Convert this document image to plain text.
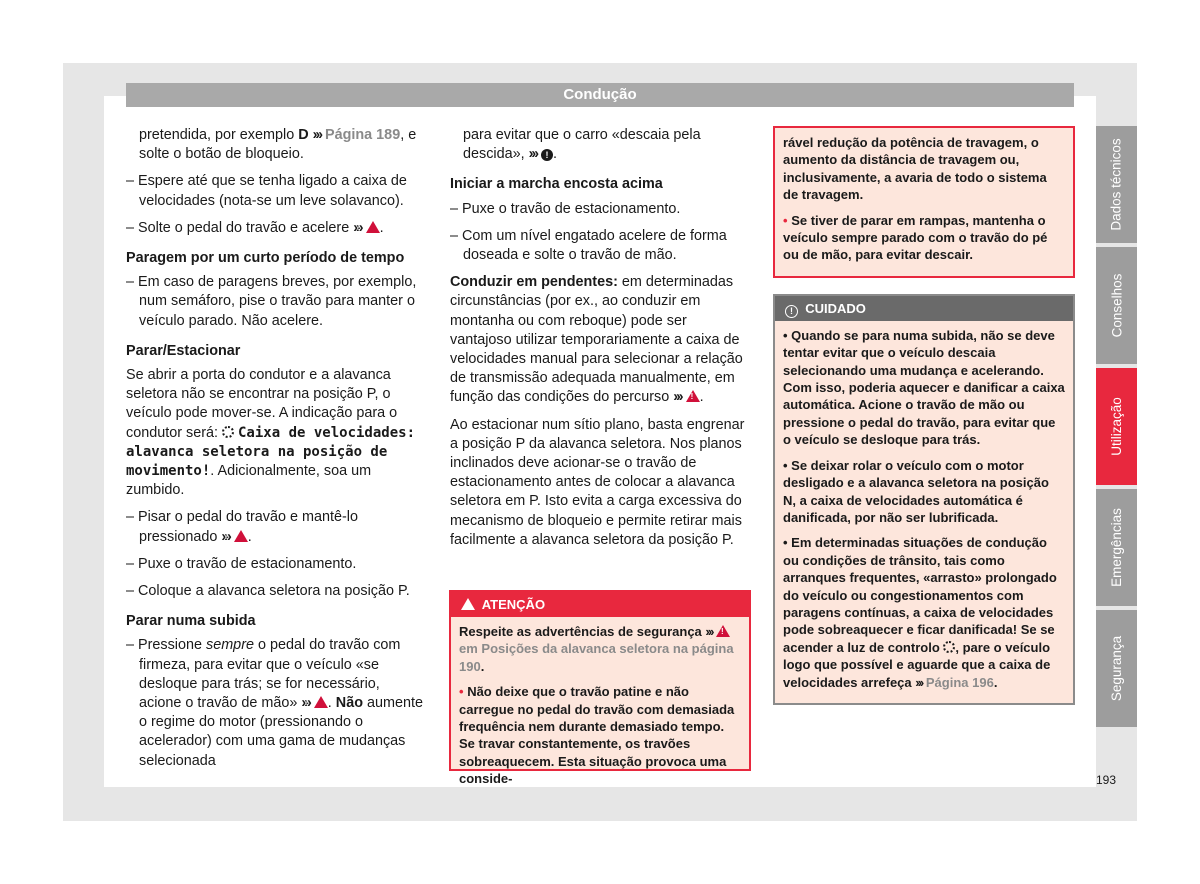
Condução
pretendida, por exemplo D ››› Página 189, e solte o botão de bloqueio.
– Espere até que se tenha ligado a caixa de velocidades (nota-se um leve solavanco).
– Solte o pedal do travão e acelere ››› ! .
Paragem por um curto período de tempo
– Em caso de paragens breves, por exemplo, num semáforo, pise o travão para manter o veículo parado. Não acelere.
Parar/Estacionar
Se abrir a porta do condutor e a alavanca seletora não se encontrar na posição P, o veículo pode mover-se. A indicação para o condutor será:  Caixa de velocidades: alavanca seletora na posição de movimento!. Adicionalmente, soa um zumbido.
– Pisar o pedal do travão e mantê-lo pressionado ››› ! .
– Puxe o travão de estacionamento.
– Coloque a alavanca seletora na posição P.
Parar numa subida
– Pressione sempre o pedal do travão com firmeza, para evitar que o veículo «se desloque para trás; se for necessário, acione o travão de mão» ››› ! . Não aumente o regime do motor (pressionando o acelerador) com uma gama de mudanças selecionada
para evitar que o carro «descaia pela descida», ››› ! .
Iniciar a marcha encosta acima
– Puxe o travão de estacionamento.
– Com um nível engatado acelere de forma doseada e solte o travão de mão.
Conduzir em pendentes: em determinadas circunstâncias (por ex., ao conduzir em montanha ou com reboque) pode ser vantajoso utilizar temporariamente a caixa de velocidades manual para selecionar a relação de transmissão adequada manualmente, em função das condições do percurso ››› ! .
Ao estacionar num sítio plano, basta engrenar a posição P da alavanca seletora. Nos planos inclinados deve acionar-se o travão de estacionamento antes de colocar a alavanca seletora em P. Isto evita a carga excessiva do mecanismo de bloqueio e permite retirar mais facilmente a alavanca seletora da posição P.
!  ATENÇÃO
Respeite as advertências de segurança ››› ! em Posições da alavanca seletora na página 190.
• Não deixe que o travão patine e não carregue no pedal do travão com demasiada frequência nem durante demasiado tempo. Se travar constantemente, os travões sobreaquecem. Esta situação provoca uma conside-
rável redução da potência de travagem, o aumento da distância de travagem ou, inclusivamente, a avaria de todo o sistema de travagem.
• Se tiver de parar em rampas, mantenha o veículo sempre parado com o travão do pé ou de mão, para evitar descair.
! CUIDADO
• Quando se para numa subida, não se deve tentar evitar que o veículo descaia selecionando uma mudança e acelerando. Com isso, poderia aquecer e danificar a caixa automática. Acione o travão de mão ou pressione o pedal do travão, para evitar que o veículo se desloque para trás.
• Se deixar rolar o veículo com o motor desligado e a alavanca seletora na posição N, a caixa de velocidades automática é danificada, por não ser lubrificada.
• Em determinadas situações de condução ou condições de trânsito, tais como arranques frequentes, «arrasto» prolongado do veículo ou congestionamentos com paragens contínuas, a caixa de velocidades pode sobreaquecer e ficar danificada! Se se acender a luz de controlo , pare o veículo logo que possível e aguarde que a caixa de velocidades arrefeça ››› Página 196.
Dados técnicos
Conselhos
Utilização
Emergências
Segurança
193
